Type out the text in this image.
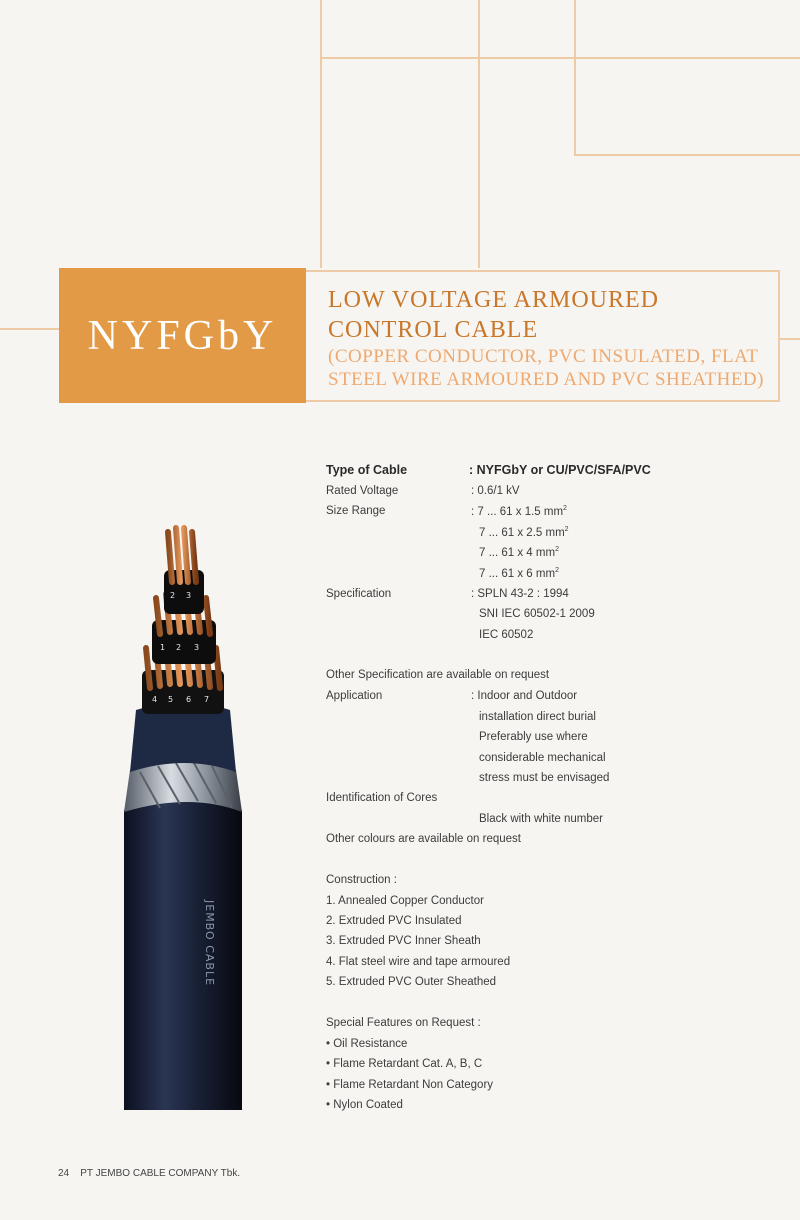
NYFGbY
LOW VOLTAGE ARMOURED
CONTROL CABLE
(COPPER CONDUCTOR, PVC INSULATED, FLAT
STEEL WIRE ARMOURED AND PVC SHEATHED)
Type of Cable	: NYFGbY or CU/PVC/SFA/PVC
Rated Voltage	: 0.6/1 kV
Size Range	: 7 ... 61 x 1.5 $mm^2$
7 ... 61 x 2.5 $mm^2$
7 ... 61 x 4 $mm^2$
7 ... 61 x 6 $mm^2$
Specification	: SPLN 43-2 : 1994
SNI IEC 60502-1 2009
IEC 60502
Other Specification are available on request
Application	: Indoor and Outdoor
installation direct burial
Preferably use where
considerable mechanical
stress must be envisaged
Identification of Cores
Black with white number
Other colours are available on request
Construction :
1. Annealed Copper Conductor
2. Extruded PVC Insulated
3. Extruded PVC Inner Sheath
4. Flat steel wire and tape armoured
5. Extruded PVC Outer Sheathed
Special Features on Request :
• Oil Resistance
• Flame Retardant Cat. A, B, C
• Flame Retardant Non Category
• Nylon Coated
2 3
1 2 3
4 5 6 7
JEMBO CABLE
24 PT JEMBO CABLE COMPANY Tbk.
